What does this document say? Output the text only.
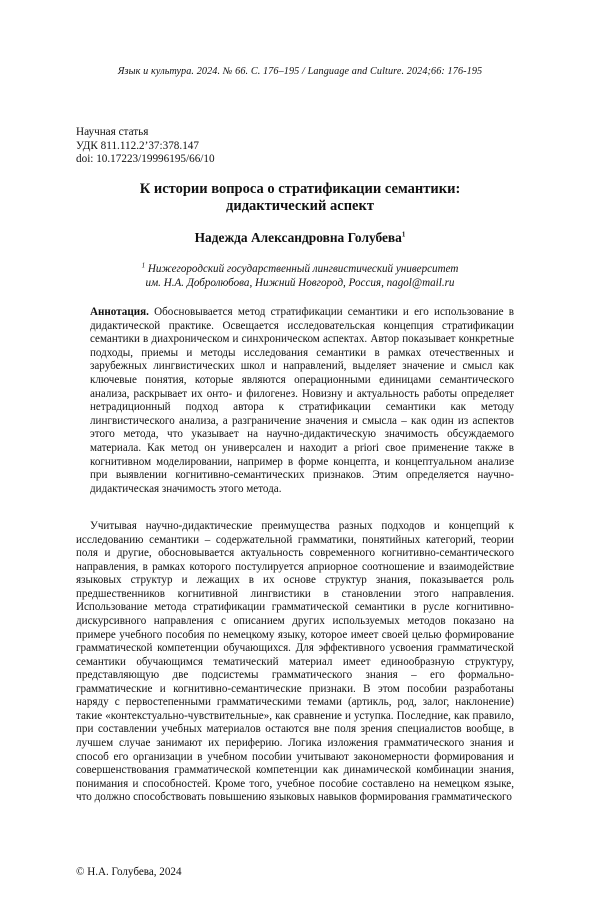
Язык и культура. 2024. № 66. С. 176–195 / Language and Culture. 2024;66: 176-195
Научная статья
УДК 811.112.2’37:378.147
doi: 10.17223/19996195/66/10
К истории вопроса о стратификации семантики:
дидактический аспект
Надежда Александровна Голубева$^1$
$^1$ Нижегородский государственный лингвистический университет
им. Н.А. Добролюбова, Нижний Новгород, Россия, nagol@mail.ru
Аннотация. Обосновывается метод стратификации семантики и его использование в дидактической практике. Освещается исследовательская концепция стратификации семантики в диахроническом и синхроническом аспектах. Автор показывает конкретные подходы, приемы и методы исследования семантики в рамках отечественных и зарубежных лингвистических школ и направлений, выделяет значение и смысл как ключевые понятия, которые являются операционными единицами семантического анализа, раскрывает их онто- и филогенез. Новизну и актуальность работы определяет нетрадиционный подход автора к стратификации семантики как методу лингвистического анализа, а разграничение значения и смысла – как один из аспектов этого метода, что указывает на научно-дидактическую значимость обсуждаемого материала. Как метод он универсален и находит a priori свое применение также в когнитивном моделировании, например в форме концепта, и концептуальном анализе при выявлении когнитивно-семантических признаков. Этим определяется научно-дидактическая значимость этого метода.

Учитывая научно-дидактические преимущества разных подходов и концепций к исследованию семантики – содержательной грамматики, понятийных категорий, теории поля и другие, обосновывается актуальность современного когнитивно-семантического направления, в рамках которого постулируется априорное соотношение и взаимодействие языковых структур и лежащих в их основе структур знания, показывается роль предшественников когнитивной лингвистики в становлении этого направления. Использование метода стратификации грамматической семантики в русле когнитивно-дискурсивного направления с описанием других используемых методов показано на примере учебного пособия по немецкому языку, которое имеет своей целью формирование грамматической компетенции обучающихся. Для эффективного усвоения грамматической семантики обучающимся тематический материал имеет единообразную структуру, представляющую две подсистемы грамматического знания – его формально-грамматические и когнитивно-семантические признаки. В этом пособии разработаны наряду с первостепенными грамматическими темами (артикль, род, залог, наклонение) такие «контекстуально-чувствительные», как сравнение и уступка. Последние, как правило, при составлении учебных материалов остаются вне поля зрения специалистов вообще, в лучшем случае занимают их периферию. Логика изложения грамматического знания и способ его организации в учебном пособии учитывают закономерности формирования и совершенствования грамматической компетенции как динамической комбинации знания, понимания и способностей. Кроме того, учебное пособие составлено на немецком языке, что должно способствовать повышению языковых навыков формирования грамматического

© Н.А. Голубева, 2024
